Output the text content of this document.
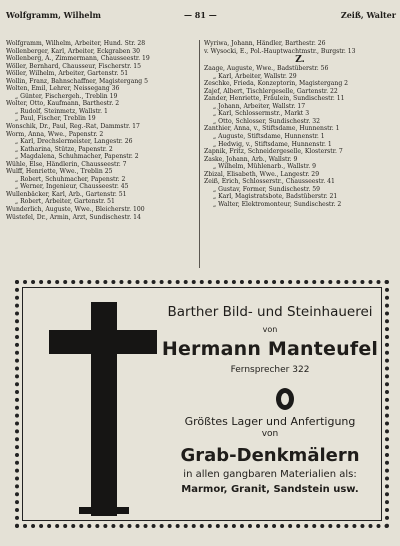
Wolfgramm, Wilhelm	— 81 —	Zeiß, Walter
Wolfgramm, Wilhelm, Arbeiter, Hund. Str. 28
Wollenberger, Karl, Arbeiter, Eckgraben 30
Wollenberg, A., Zimmermann, Chausseestr. 19
Wöller, Bernhard, Chausseur, Fischerstr. 15
Wöller, Wilhelm, Arbeiter, Gartenstr. 51
Wollin, Franz, Bahnschaffner, Magistergang 5
Wolten, Emil, Lehrer, Neissegang 36
„ Günter, Fischergeh., Treblin 19
Wolter, Otto, Kaufmann, Barthestr. 2
„ Rudolf, Steinmetz, Wallstr. 1
„ Paul, Fischer, Treblin 19
Wonschik, Dr., Paul, Reg.-Rat, Dammstr. 17
Worm, Anna, Wwe., Papenstr. 2
„ Karl, Drechslermeister, Langestr. 26
„ Katharina, Stütze, Papenstr. 2
„ Magdalena, Schuhmacher, Papenstr. 2
Wühle, Else, Händlerin, Chausseestr. 7
Wulff, Henriette, Wwe., Treblin 25
„ Robert, Schuhmacher, Papenstr. 2
„ Werner, Ingenieur, Chausseestr. 45
Wullenbäcker, Karl, Arb., Gartenstr. 51
„ Robert, Arbeiter, Gartenstr. 51
Wunderlich, Auguste, Wwe., Bleicherstr. 100
Wüstefel, Dr., Armin, Arzt, Sundischestr. 14
Wyriwa, Johann, Händler, Barthestr. 26
v. Wysocki, E., Pol.-Hauptwachtmstr., Burgstr. 13
Z.
Zaage, Auguste, Wwe., Badstüberstr. 56
„ Karl, Arbeiter, Wallstr. 29
Zeschke, Frieda, Konzeptorin, Magistergang 2
Zajef, Albert, Tischlergeselle, Gartenstr. 22
Zander, Henriette, Fräulein, Sundischestr. 11
„ Johann, Arbeiter, Wallstr. 17
„ Karl, Schlossermstr., Markt 3
„ Otto, Schlosser, Sundischestr. 32
Zanthier, Anna, v., Stiftsdame, Hunnenstr. 1
„ Auguste, Stiftsdame, Hunnenstr. 1
„ Hedwig, v., Stiftsdame, Hunnenstr. 1
Zapnik, Fritz, Schneidergeselle, Klosterstr. 7
Zaske, Johann, Arb., Wallstr. 9
„ Wilhelm, Mühlenarb., Wallstr. 9
Zbizal, Elisabeth, Wwe., Langestr. 29
Zeiß, Erich, Schlosserstr., Chausseestr. 41
„ Gustav, Former, Sundischestr. 59
„ Karl, Magistratsbote, Badstüberstr. 21
„ Walter, Elektromonteur, Sundischestr. 2
Barther Bild- und Steinhauerei
von
Hermann Manteufel
Fernsprecher 322
Größtes Lager und Anfertigung
von
Grab-Denkmälern
in allen gangbaren Materialien als:
Marmor, Granit, Sandstein usw.
